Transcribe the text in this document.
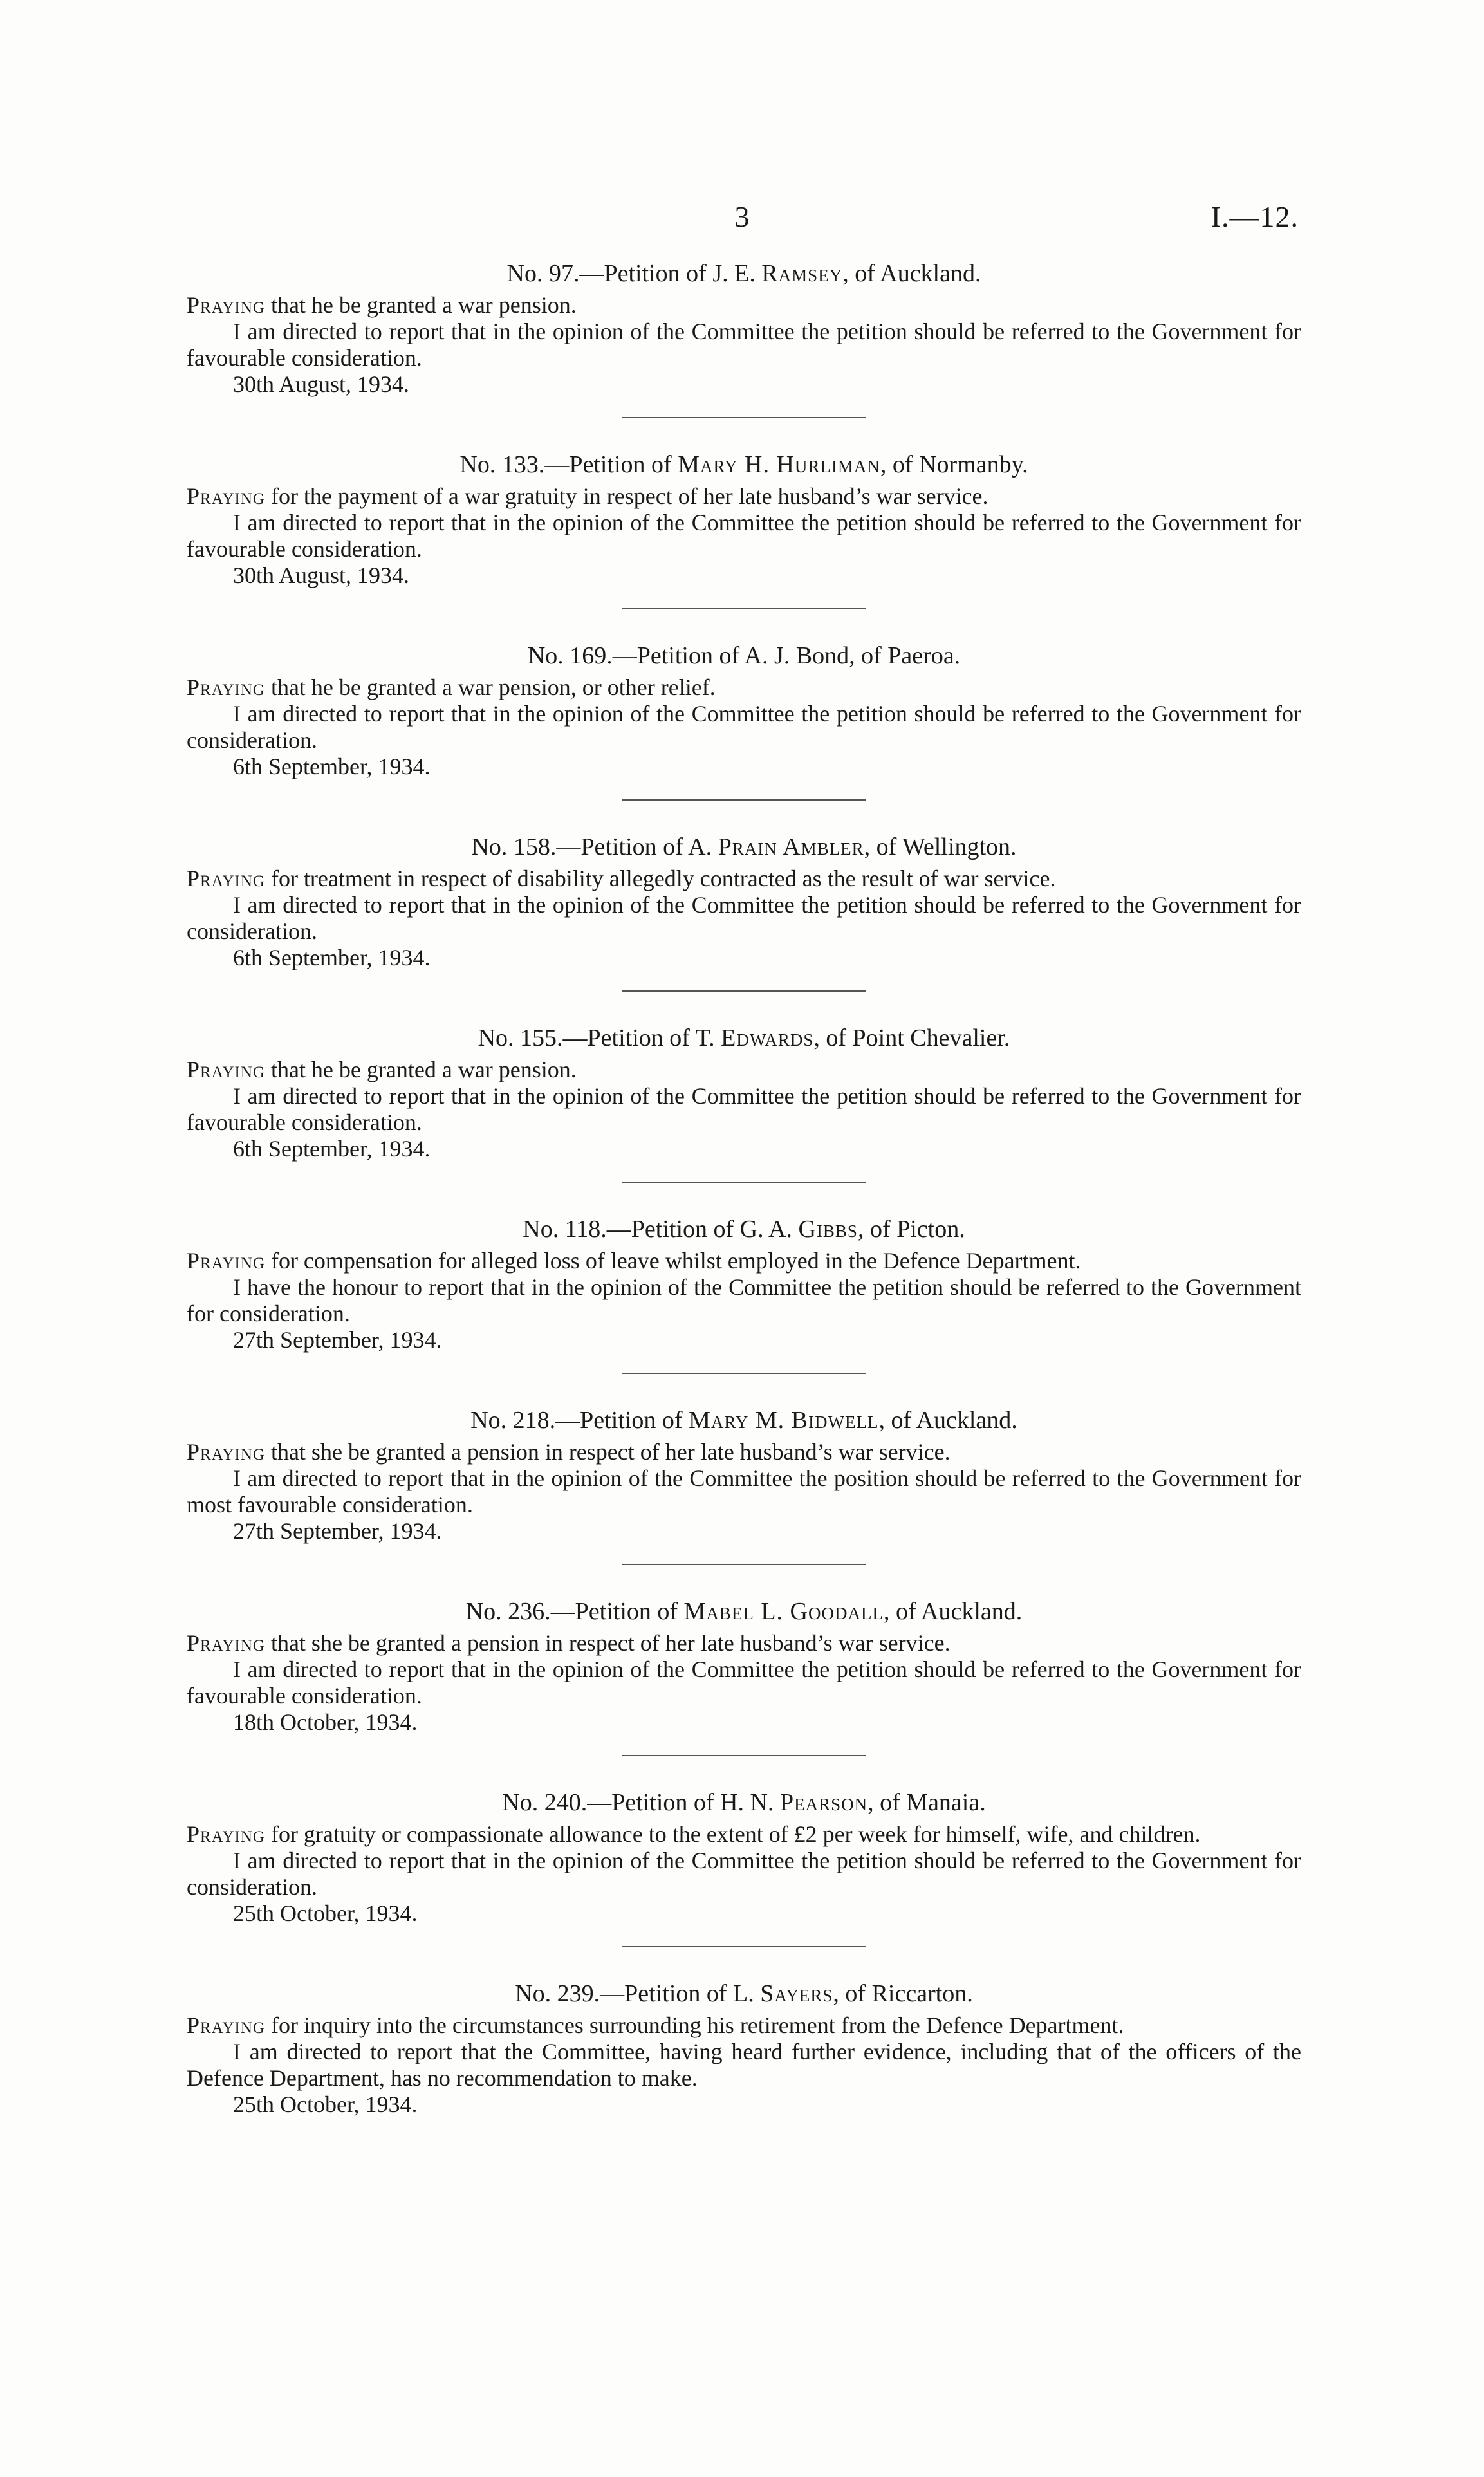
3	I.—12.

No. 97.—Petition of J. E. Ramsey, of Auckland.

Praying that he be granted a war pension.

I am directed to report that in the opinion of the Committee the petition should be referred to the Government for favourable consideration.

30th August, 1934.

No. 133.—Petition of Mary H. Hurliman, of Normanby.

Praying for the payment of a war gratuity in respect of her late husband’s war service.

I am directed to report that in the opinion of the Committee the petition should be referred to the Government for favourable consideration.

30th August, 1934.

No. 169.—Petition of A. J. Bond, of Paeroa.

Praying that he be granted a war pension, or other relief.

I am directed to report that in the opinion of the Committee the petition should be referred to the Government for consideration.

6th September, 1934.

No. 158.—Petition of A. Prain Ambler, of Wellington.

Praying for treatment in respect of disability allegedly contracted as the result of war service.

I am directed to report that in the opinion of the Committee the petition should be referred to the Government for consideration.

6th September, 1934.

No. 155.—Petition of T. Edwards, of Point Chevalier.

Praying that he be granted a war pension.

I am directed to report that in the opinion of the Committee the petition should be referred to the Government for favourable consideration.

6th September, 1934.

No. 118.—Petition of G. A. Gibbs, of Picton.

Praying for compensation for alleged loss of leave whilst employed in the Defence Department.

I have the honour to report that in the opinion of the Committee the petition should be referred to the Government for consideration.

27th September, 1934.

No. 218.—Petition of Mary M. Bidwell, of Auckland.

Praying that she be granted a pension in respect of her late husband’s war service.

I am directed to report that in the opinion of the Committee the position should be referred to the Government for most favourable consideration.

27th September, 1934.

No. 236.—Petition of Mabel L. Goodall, of Auckland.

Praying that she be granted a pension in respect of her late husband’s war service.

I am directed to report that in the opinion of the Committee the petition should be referred to the Government for favourable consideration.

18th October, 1934.

No. 240.—Petition of H. N. Pearson, of Manaia.

Praying for gratuity or compassionate allowance to the extent of £2 per week for himself, wife, and children.

I am directed to report that in the opinion of the Committee the petition should be referred to the Government for consideration.

25th October, 1934.

No. 239.—Petition of L. Sayers, of Riccarton.

Praying for inquiry into the circumstances surrounding his retirement from the Defence Department.

I am directed to report that the Committee, having heard further evidence, including that of the officers of the Defence Department, has no recommendation to make.

25th October, 1934.
